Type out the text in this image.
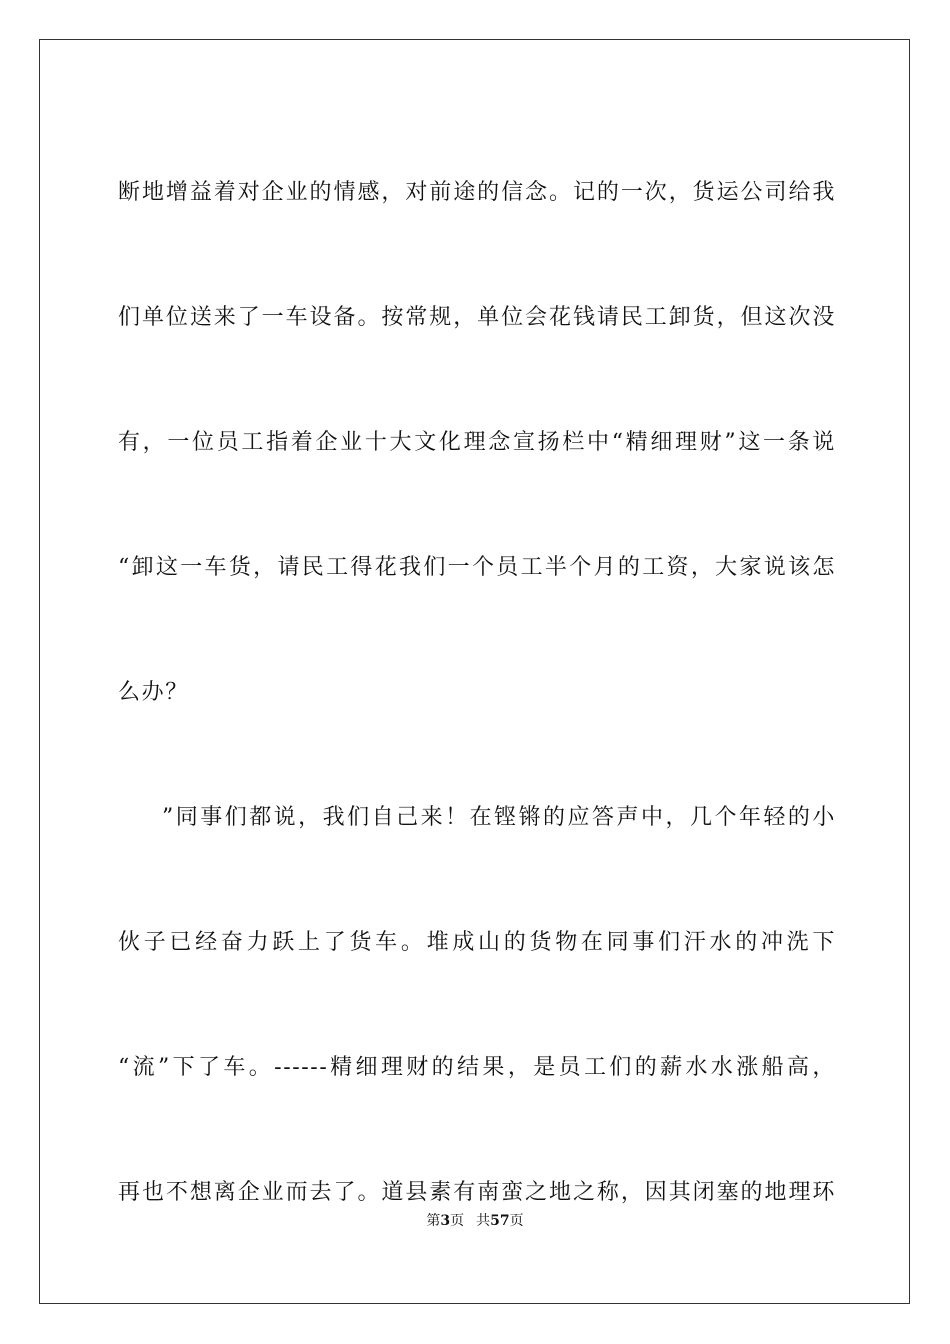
断地增益着对企业的情感，对前途的信念。记的一次，货运公司给我
们单位送来了一车设备。按常规，单位会花钱请民工卸货，但这次没
有，一位员工指着企业十大文化理念宣扬栏中“精细理财”这一条说
“卸这一车货，请民工得花我们一个员工半个月的工资，大家说该怎
么办？
”同事们都说，我们自己来！在铿锵的应答声中，几个年轻的小
伙子已经奋力跃上了货车。堆成山的货物在同事们汗水的冲洗下
“流”下了车。------精细理财的结果，是员工们的薪水水涨船高，
再也不想离企业而去了。道县素有南蛮之地之称，因其闭塞的地理环
第3页 共57页
